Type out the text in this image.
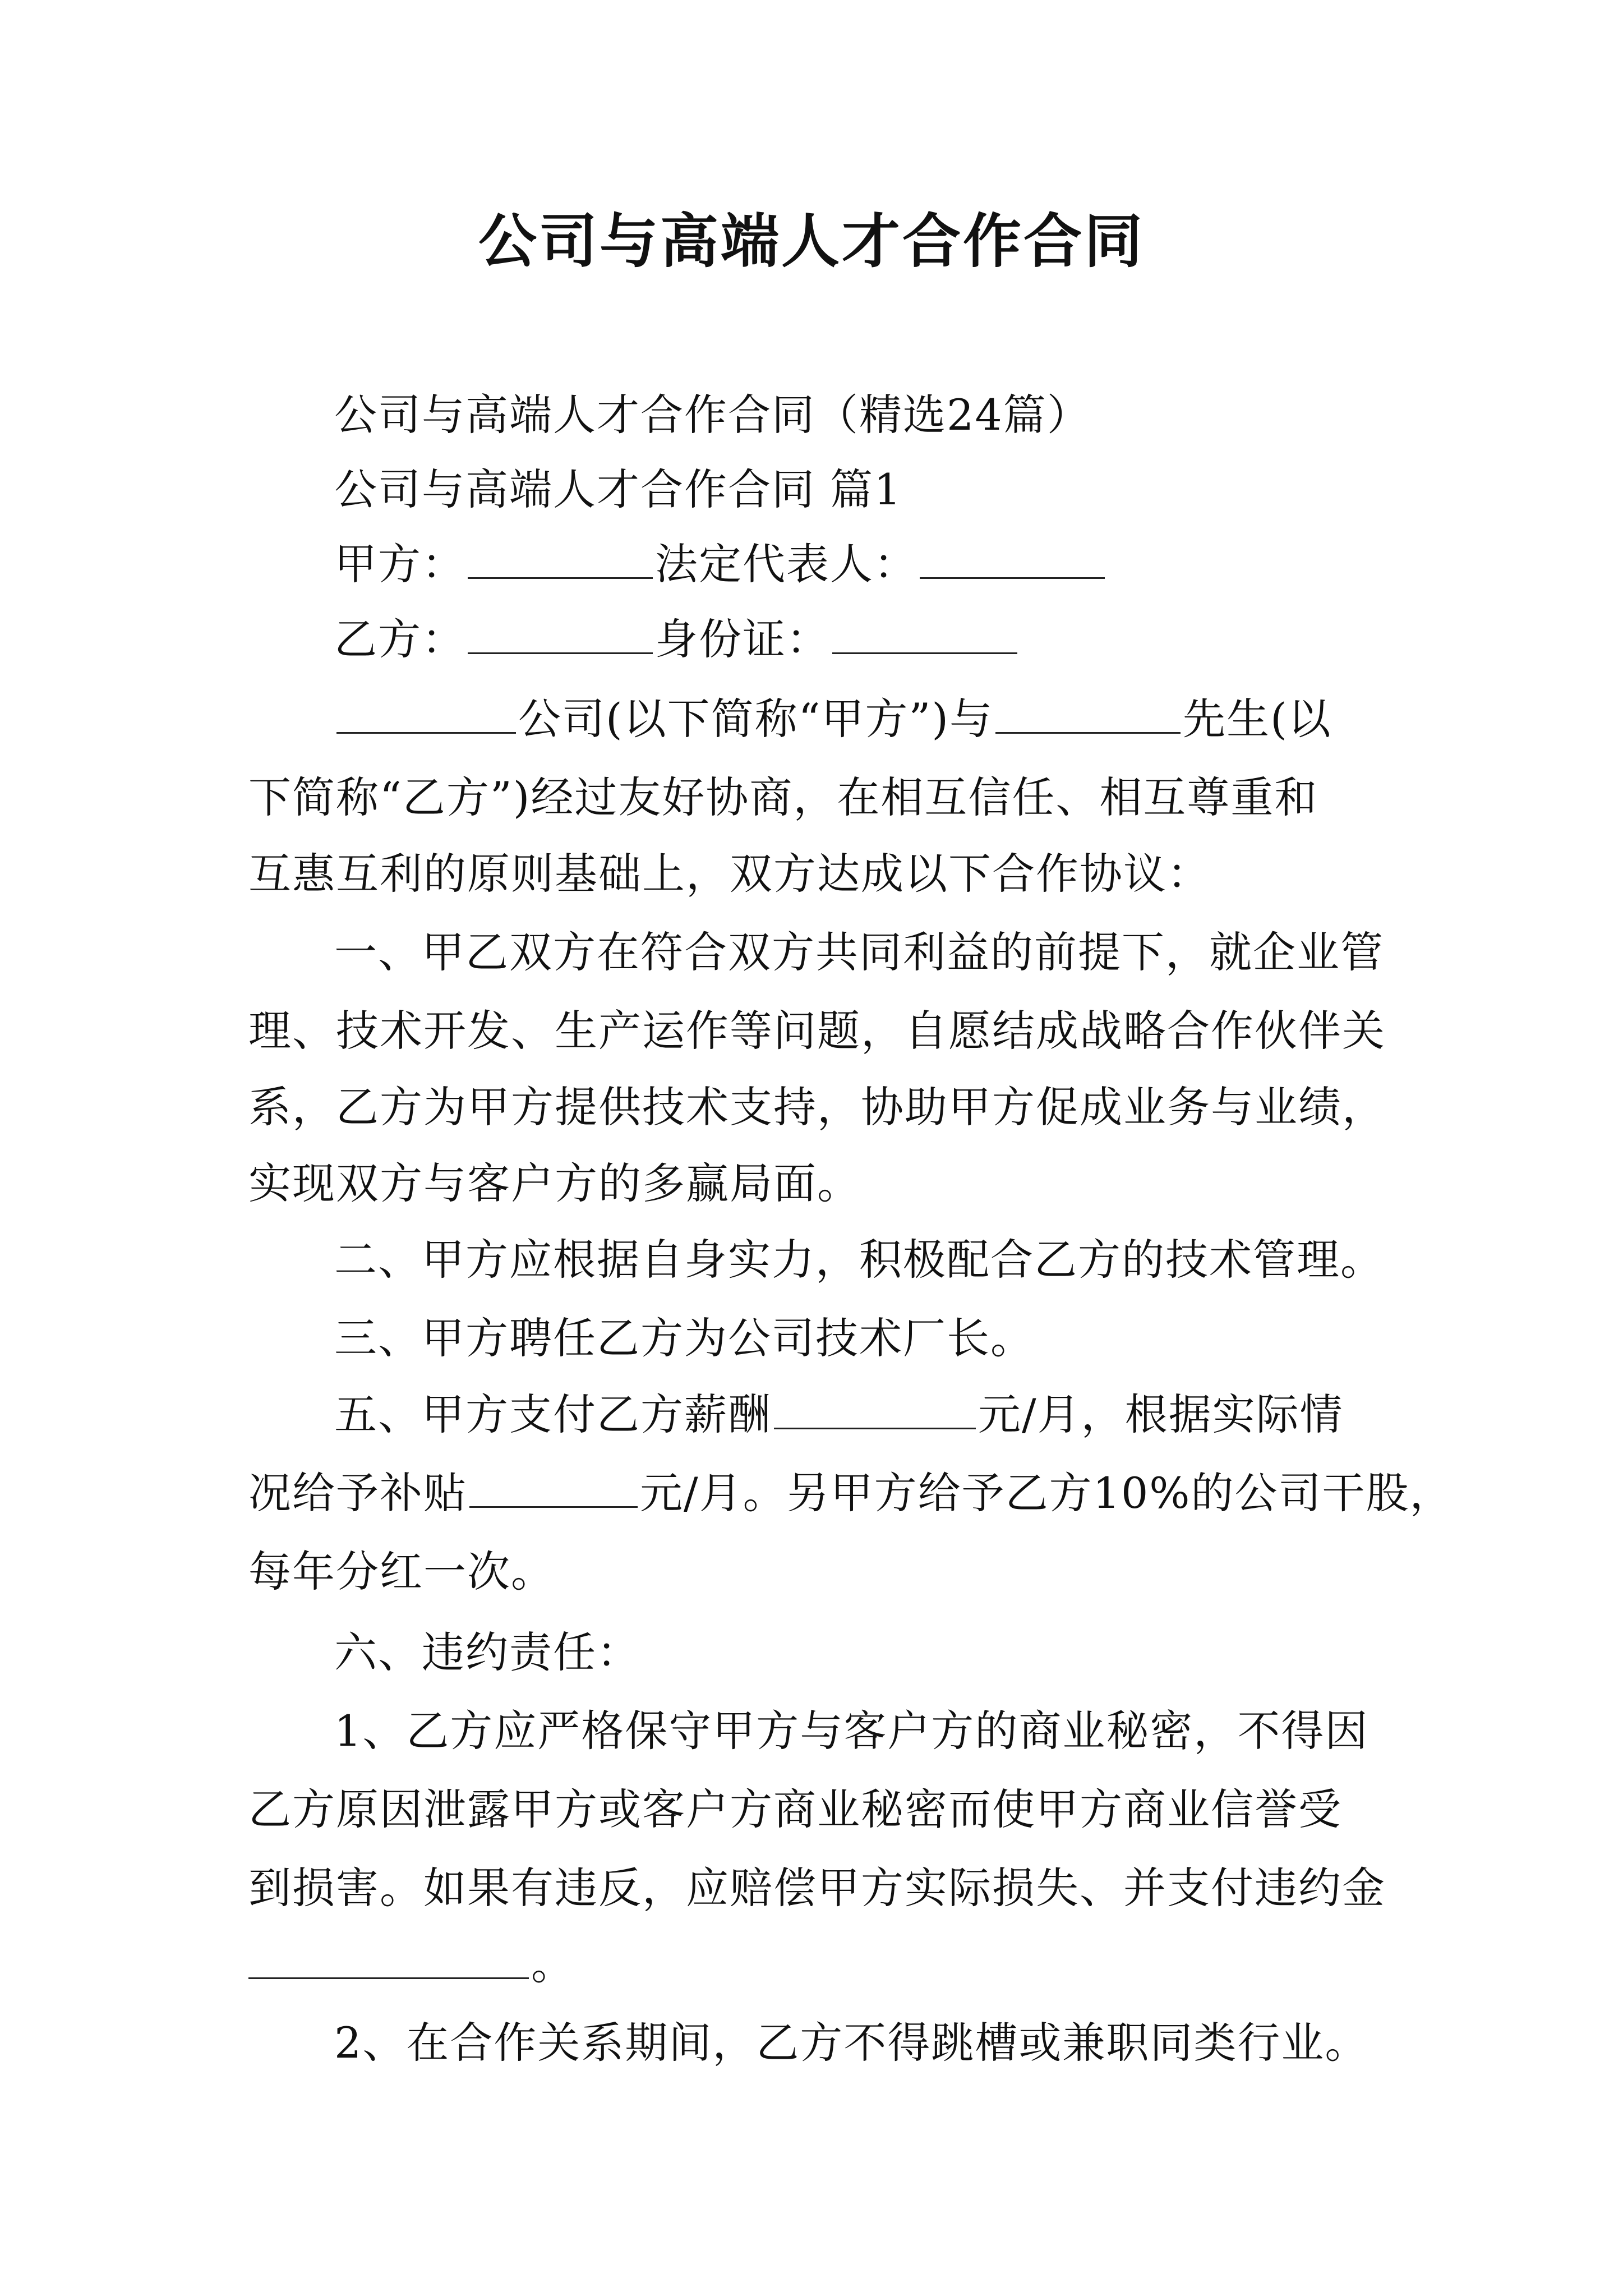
公司与高端人才合作合同
公司与高端人才合作合同（精选24篇）
公司与高端人才合作合同 篇1
甲方：	法定代表人：
乙方：	身份证：
公司(以下简称“甲方”)与	先生(以
下简称“乙方”)经过友好协商，在相互信任、相互尊重和
互惠互利的原则基础上，双方达成以下合作协议：
一、甲乙双方在符合双方共同利益的前提下，就企业管
理、技术开发、生产运作等问题，自愿结成战略合作伙伴关
系，乙方为甲方提供技术支持，协助甲方促成业务与业绩，
实现双方与客户方的多赢局面。
二、甲方应根据自身实力，积极配合乙方的技术管理。
三、甲方聘任乙方为公司技术厂长。
五、甲方支付乙方薪酬	元/月，根据实际情
况给予补贴	元/月。另甲方给予乙方10%的公司干股，
每年分红一次。
六、违约责任：
1、乙方应严格保守甲方与客户方的商业秘密，不得因
乙方原因泄露甲方或客户方商业秘密而使甲方商业信誉受
到损害。如果有违反，应赔偿甲方实际损失、并支付违约金
。
2、在合作关系期间，乙方不得跳槽或兼职同类行业。
